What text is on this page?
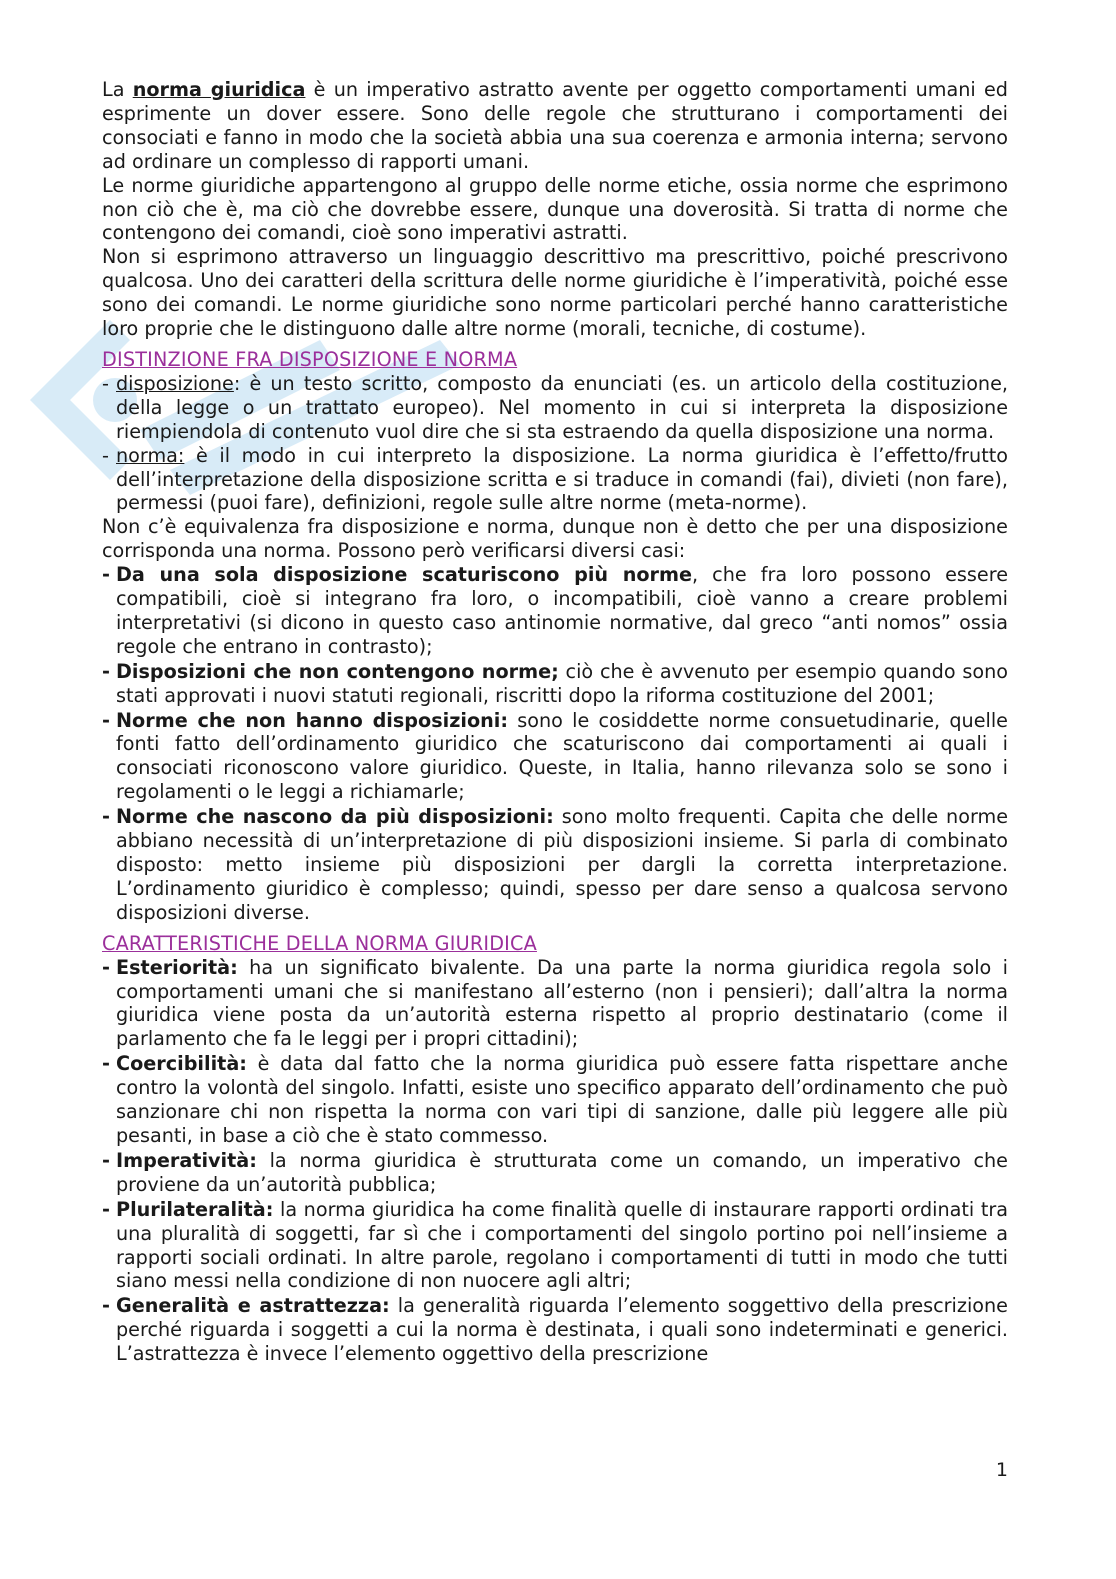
La norma giuridica è un imperativo astratto avente per oggetto comportamenti umani ed esprimente un dover essere. Sono delle regole che strutturano i comportamenti dei consociati e fanno in modo che la società abbia una sua coerenza e armonia interna; servono ad ordinare un complesso di rapporti umani.

Le norme giuridiche appartengono al gruppo delle norme etiche, ossia norme che esprimono non ciò che è, ma ciò che dovrebbe essere, dunque una doverosità. Si tratta di norme che contengono dei comandi, cioè sono imperativi astratti.

Non si esprimono attraverso un linguaggio descrittivo ma prescrittivo, poiché prescrivono qualcosa. Uno dei caratteri della scrittura delle norme giuridiche è l’imperatività, poiché esse sono dei comandi. Le norme giuridiche sono norme particolari perché hanno caratteristiche loro proprie che le distinguono dalle altre norme (morali, tecniche, di costume).

DISTINZIONE FRA DISPOSIZIONE E NORMA
- disposizione: è un testo scritto, composto da enunciati (es. un articolo della costituzione, della legge o un trattato europeo). Nel momento in cui si interpreta la disposizione riempiendola di contenuto vuol dire che si sta estraendo da quella disposizione una norma.
- norma: è il modo in cui interpreto la disposizione. La norma giuridica è l’effetto/frutto dell’interpretazione della disposizione scritta e si traduce in comandi (fai), divieti (non fare), permessi (puoi fare), definizioni, regole sulle altre norme (meta-norme).

Non c’è equivalenza fra disposizione e norma, dunque non è detto che per una disposizione corrisponda una norma. Possono però verificarsi diversi casi:

- Da una sola disposizione scaturiscono più norme, che fra loro possono essere compatibili, cioè si integrano fra loro, o incompatibili, cioè vanno a creare problemi interpretativi (si dicono in questo caso antinomie normative, dal greco “anti nomos” ossia regole che entrano in contrasto);
- Disposizioni che non contengono norme; ciò che è avvenuto per esempio quando sono stati approvati i nuovi statuti regionali, riscritti dopo la riforma costituzione del 2001;
- Norme che non hanno disposizioni: sono le cosiddette norme consuetudinarie, quelle fonti fatto dell’ordinamento giuridico che scaturiscono dai comportamenti ai quali i consociati riconoscono valore giuridico. Queste, in Italia, hanno rilevanza solo se sono i regolamenti o le leggi a richiamarle;
- Norme che nascono da più disposizioni: sono molto frequenti. Capita che delle norme abbiano necessità di un’interpretazione di più disposizioni insieme. Si parla di combinato disposto: metto insieme più disposizioni per dargli la corretta interpretazione. L’ordinamento giuridico è complesso; quindi, spesso per dare senso a qualcosa servono disposizioni diverse.
CARATTERISTICHE DELLA NORMA GIURIDICA
- Esteriorità: ha un significato bivalente. Da una parte la norma giuridica regola solo i comportamenti umani che si manifestano all’esterno (non i pensieri); dall’altra la norma giuridica viene posta da un’autorità esterna rispetto al proprio destinatario (come il parlamento che fa le leggi per i propri cittadini);
- Coercibilità: è data dal fatto che la norma giuridica può essere fatta rispettare anche contro la volontà del singolo. Infatti, esiste uno specifico apparato dell’ordinamento che può sanzionare chi non rispetta la norma con vari tipi di sanzione, dalle più leggere alle più pesanti, in base a ciò che è stato commesso.
- Imperatività: la norma giuridica è strutturata come un comando, un imperativo che proviene da un’autorità pubblica;
- Plurilateralità: la norma giuridica ha come finalità quelle di instaurare rapporti ordinati tra una pluralità di soggetti, far sì che i comportamenti del singolo portino poi nell’insieme a rapporti sociali ordinati. In altre parole, regolano i comportamenti di tutti in modo che tutti siano messi nella condizione di non nuocere agli altri;
- Generalità e astrattezza: la generalità riguarda l’elemento soggettivo della prescrizione perché riguarda i soggetti a cui la norma è destinata, i quali sono indeterminati e generici. L’astrattezza è invece l’elemento oggettivo della prescrizione
1
